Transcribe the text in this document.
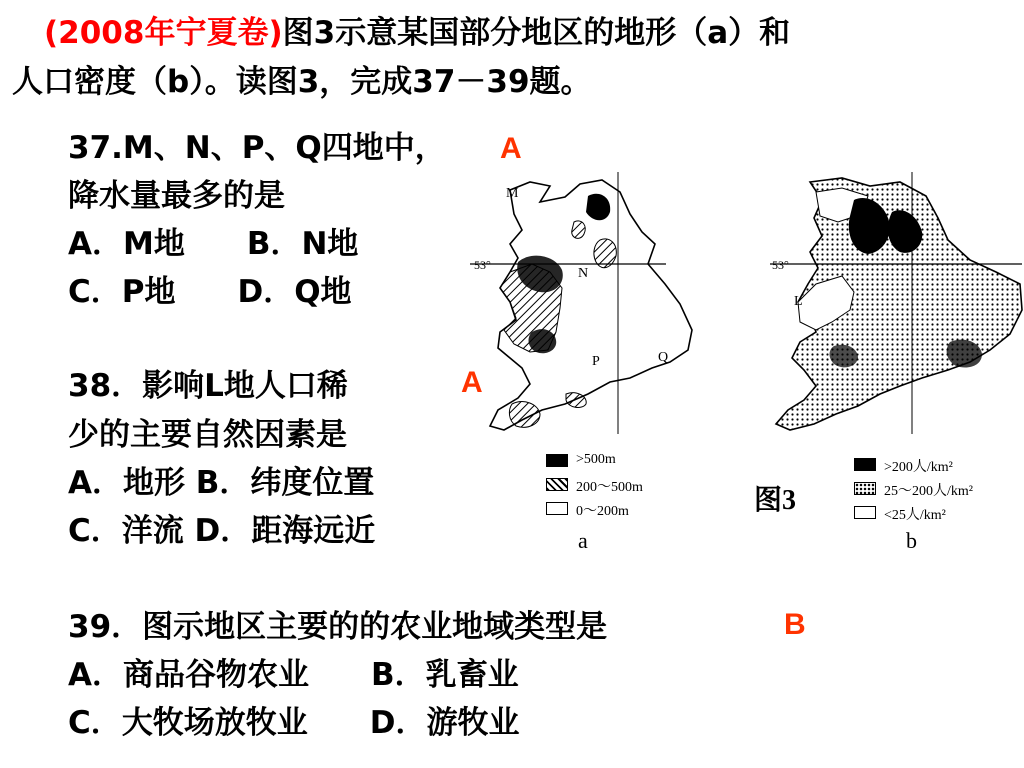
(2008年宁夏卷)图3示意某国部分地区的地形（a）和
人口密度（b）。读图3，完成37－39题。
37.M、N、P、Q四地中， A
降水量最多的是
A．M地　　B．N地
C．P地　　D．Q地
38．影响L地人口稀	A
少的主要自然因素是
A．地形 B．纬度位置
C．洋流 D．距海远近
39．图示地区主要的的农业地域类型是	B
A．商品谷物农业　　B．乳畜业
C．大牧场放牧业　　D．游牧业
M
53°
N
P	Q
>500m
200～500m
0～200m
a
53°
L
图3
>200人/km²
25～200人/km²
<25人/km²
b
